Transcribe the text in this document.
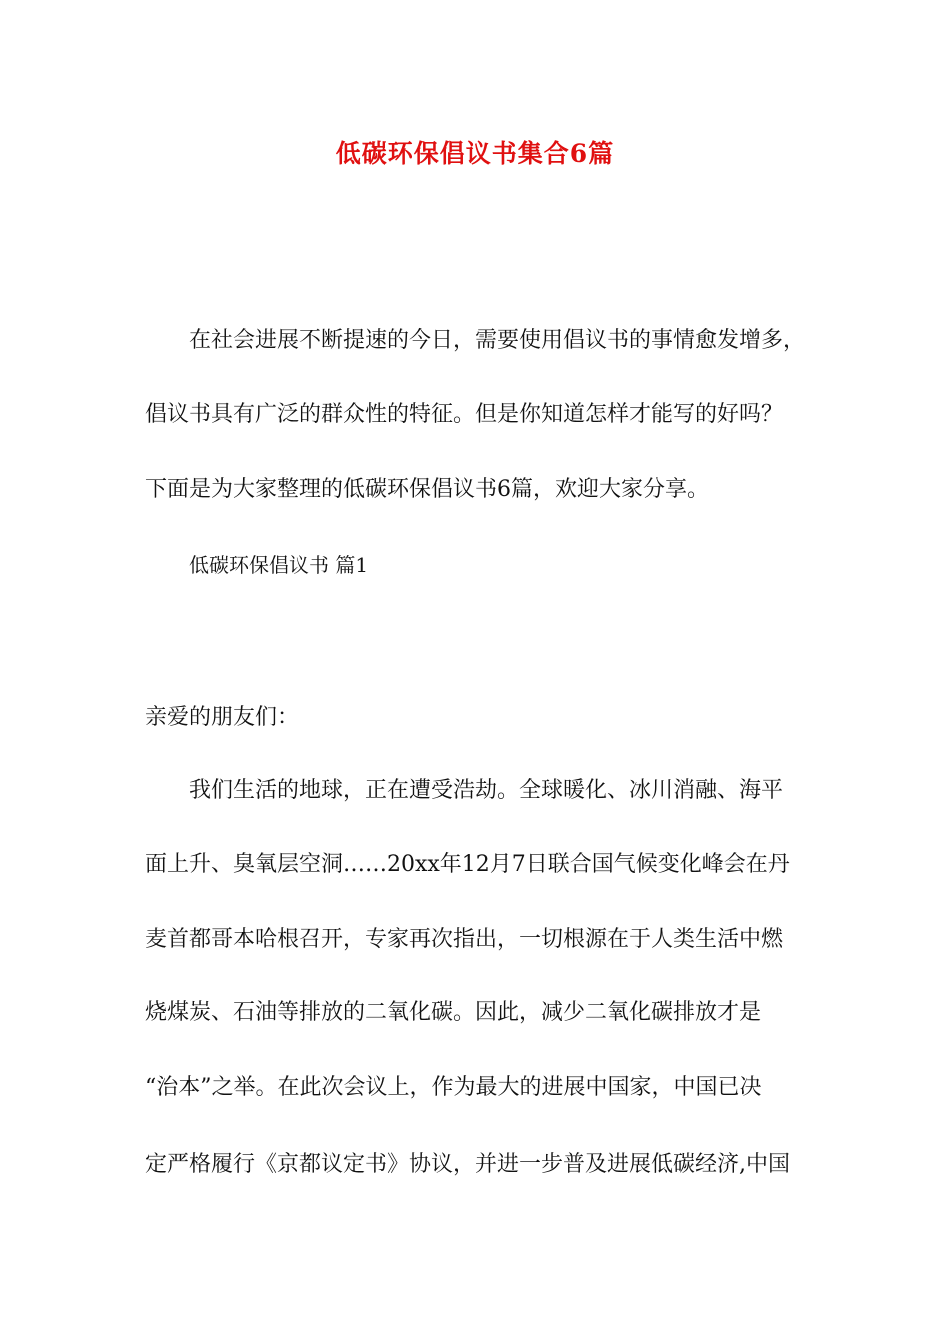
低碳环保倡议书集合6篇
在社会进展不断提速的今日，需要使用倡议书的事情愈发增多，
倡议书具有广泛的群众性的特征。但是你知道怎样才能写的好吗？
下面是为大家整理的低碳环保倡议书6篇，欢迎大家分享。
低碳环保倡议书 篇1
亲爱的朋友们：
我们生活的地球，正在遭受浩劫。全球暖化、冰川消融、海平
面上升、臭氧层空洞……20xx年12月7日联合国气候变化峰会在丹
麦首都哥本哈根召开，专家再次指出，一切根源在于人类生活中燃
烧煤炭、石油等排放的二氧化碳。因此，减少二氧化碳排放才是
“治本”之举。在此次会议上，作为最大的进展中国家，中国已决
定严格履行《京都议定书》协议，并进一步普及进展低碳经济,中国
